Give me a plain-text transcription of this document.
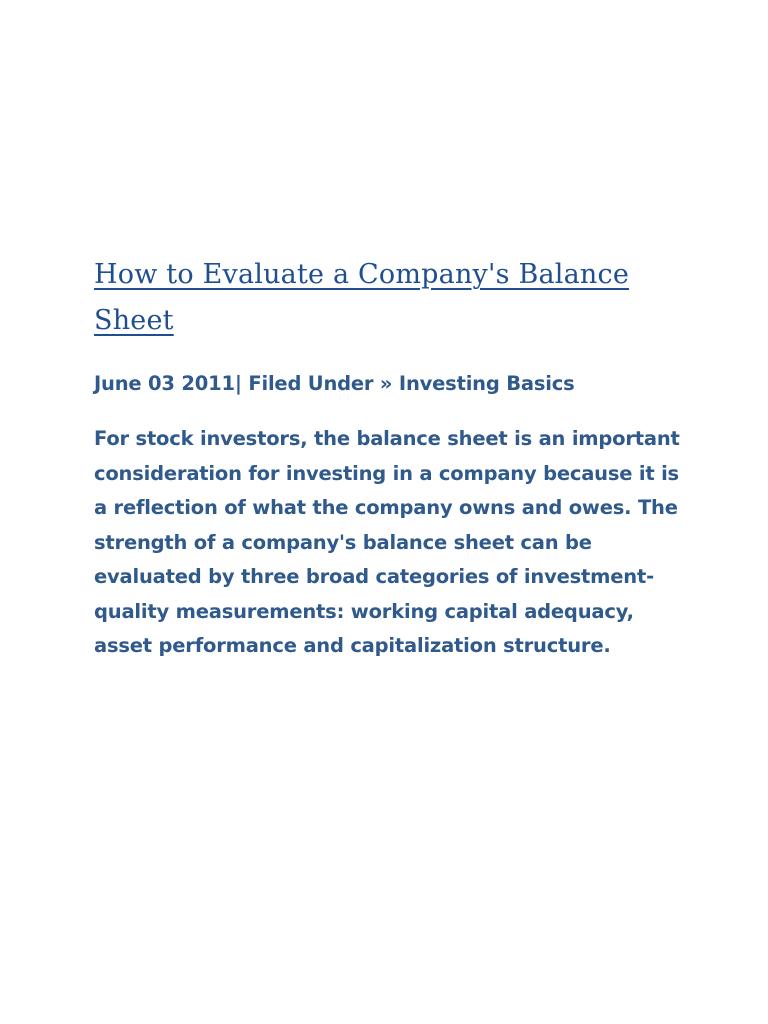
How to Evaluate a Company's Balance Sheet
June 03 2011| Filed Under » Investing Basics
For stock investors, the balance sheet is an important consideration for investing in a company because it is a reflection of what the company owns and owes. The strength of a company's balance sheet can be evaluated by three broad categories of investment-quality measurements: working capital adequacy, asset performance and capitalization structure.
